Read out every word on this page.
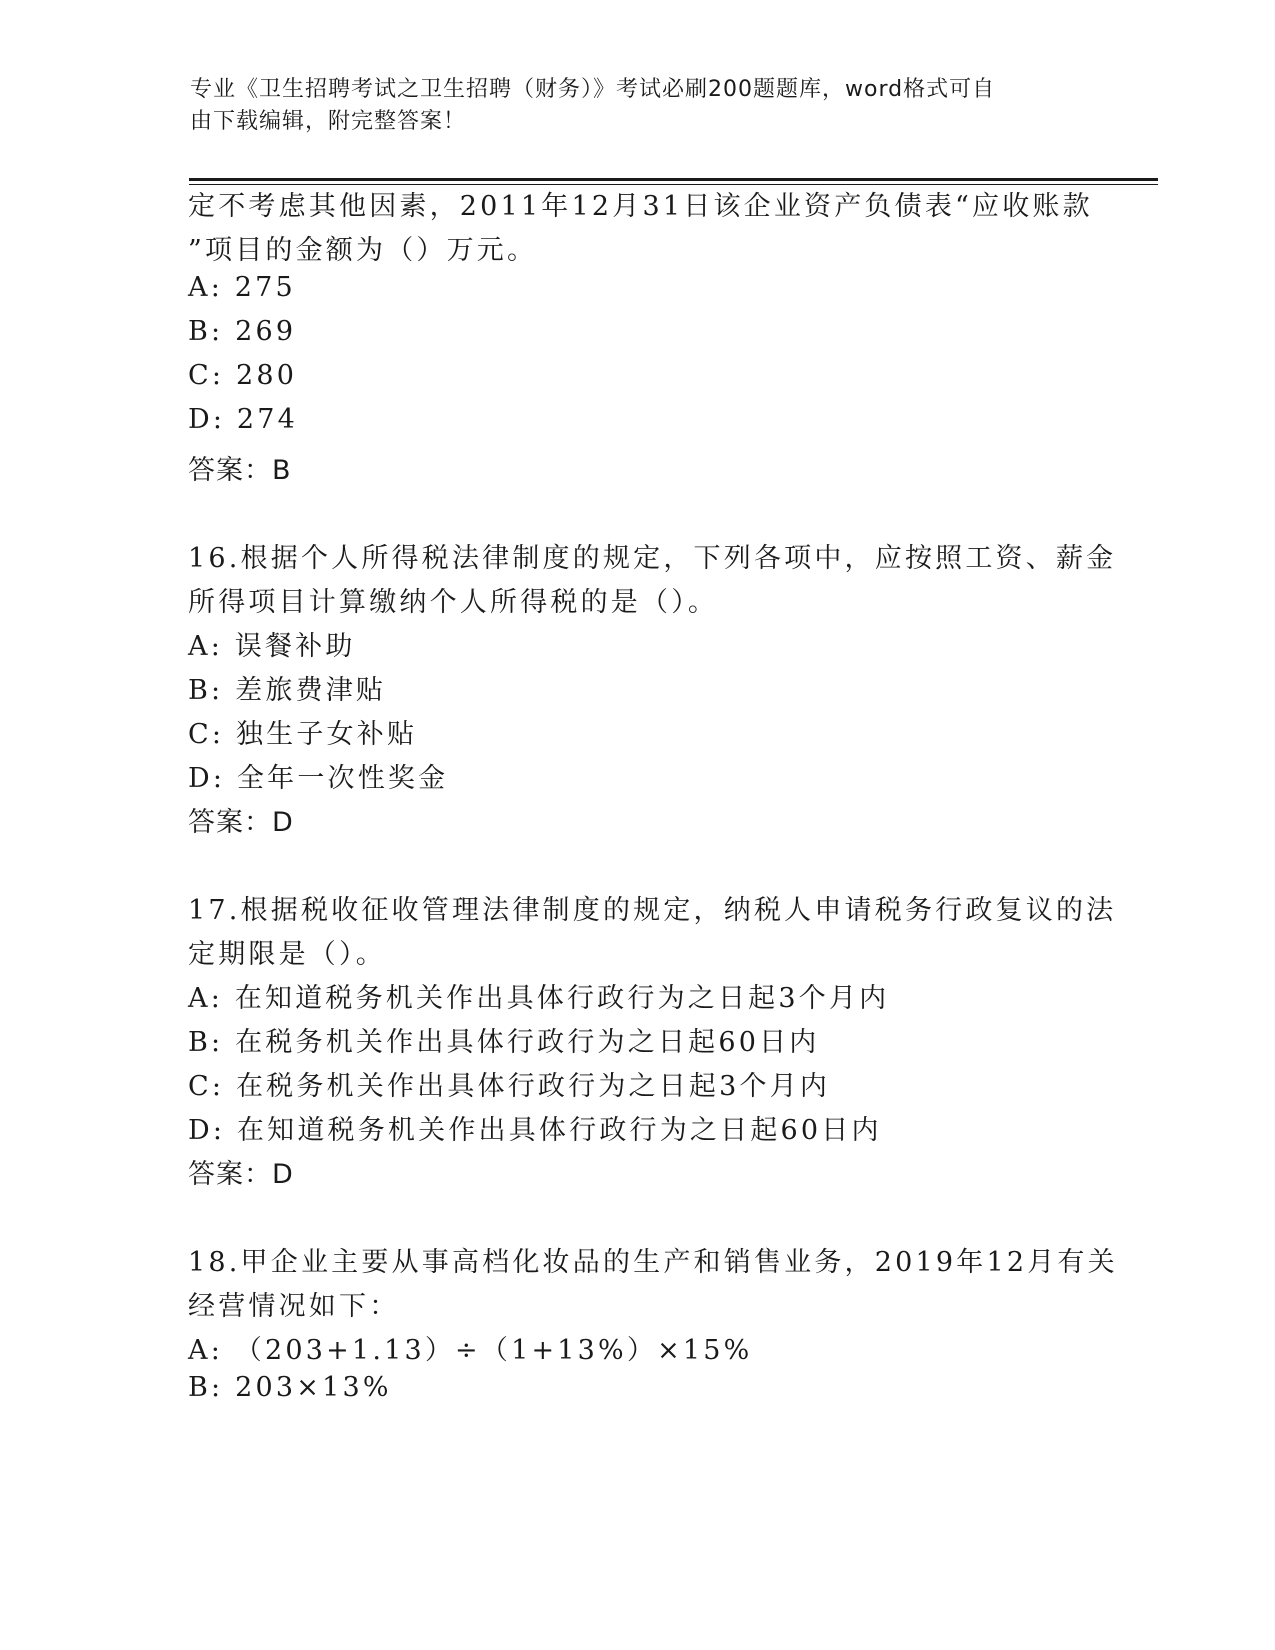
专业《卫生招聘考试之卫生招聘（财务）》考试必刷200题题库，word格式可自
由下载编辑，附完整答案！
定不考虑其他因素，2011年12月31日该企业资产负债表“应收账款
”项目的金额为（）万元。
A: 275
B: 269
C: 280
D: 274
答案：B
16.根据个人所得税法律制度的规定，下列各项中，应按照工资、薪金
所得项目计算缴纳个人所得税的是（）。
A: 误餐补助
B: 差旅费津贴
C: 独生子女补贴
D: 全年一次性奖金
答案：D
17.根据税收征收管理法律制度的规定，纳税人申请税务行政复议的法
定期限是（）。
A: 在知道税务机关作出具体行政行为之日起3个月内
B: 在税务机关作出具体行政行为之日起60日内
C: 在税务机关作出具体行政行为之日起3个月内
D: 在知道税务机关作出具体行政行为之日起60日内
答案：D
18.甲企业主要从事高档化妆品的生产和销售业务，2019年12月有关
经营情况如下：
A: （203+1.13）÷（1+13%）×15%
B: 203×13%
